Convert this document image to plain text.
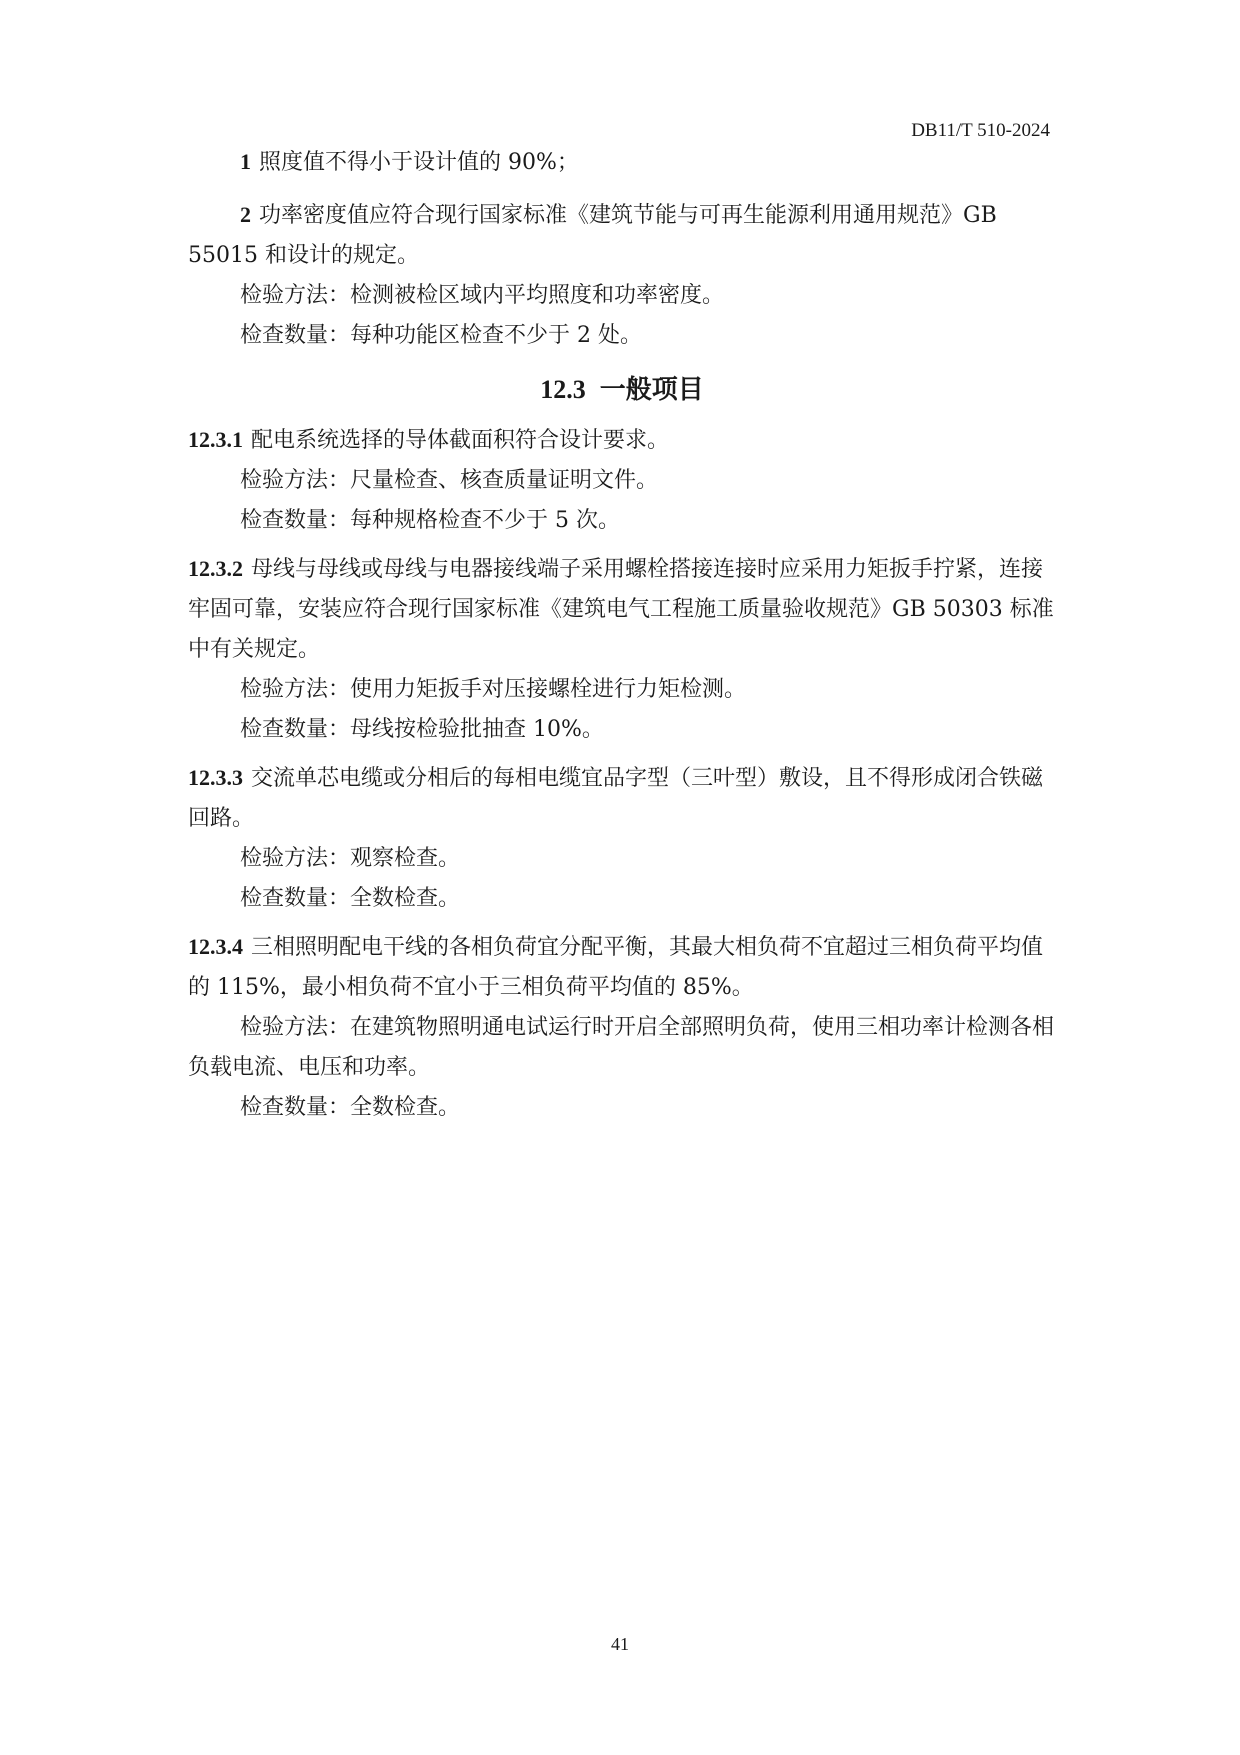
DB11/T 510-2024

1 照度值不得小于设计值的 90%；

2 功率密度值应符合现行国家标准《建筑节能与可再生能源利用通用规范》GB 55015 和设计的规定。

检验方法：检测被检区域内平均照度和功率密度。

检查数量：每种功能区检查不少于 2 处。

12.3 一般项目

12.3.1 配电系统选择的导体截面积符合设计要求。

检验方法：尺量检查、核查质量证明文件。

检查数量：每种规格检查不少于 5 次。

12.3.2 母线与母线或母线与电器接线端子采用螺栓搭接连接时应采用力矩扳手拧紧，连接牢固可靠，安装应符合现行国家标准《建筑电气工程施工质量验收规范》GB 50303 标准中有关规定。

检验方法：使用力矩扳手对压接螺栓进行力矩检测。

检查数量：母线按检验批抽查 10%。

12.3.3 交流单芯电缆或分相后的每相电缆宜品字型（三叶型）敷设，且不得形成闭合铁磁回路。

检验方法：观察检查。

检查数量：全数检查。

12.3.4 三相照明配电干线的各相负荷宜分配平衡，其最大相负荷不宜超过三相负荷平均值的 115%，最小相负荷不宜小于三相负荷平均值的 85%。

检验方法：在建筑物照明通电试运行时开启全部照明负荷，使用三相功率计检测各相负载电流、电压和功率。

检查数量：全数检查。

41
